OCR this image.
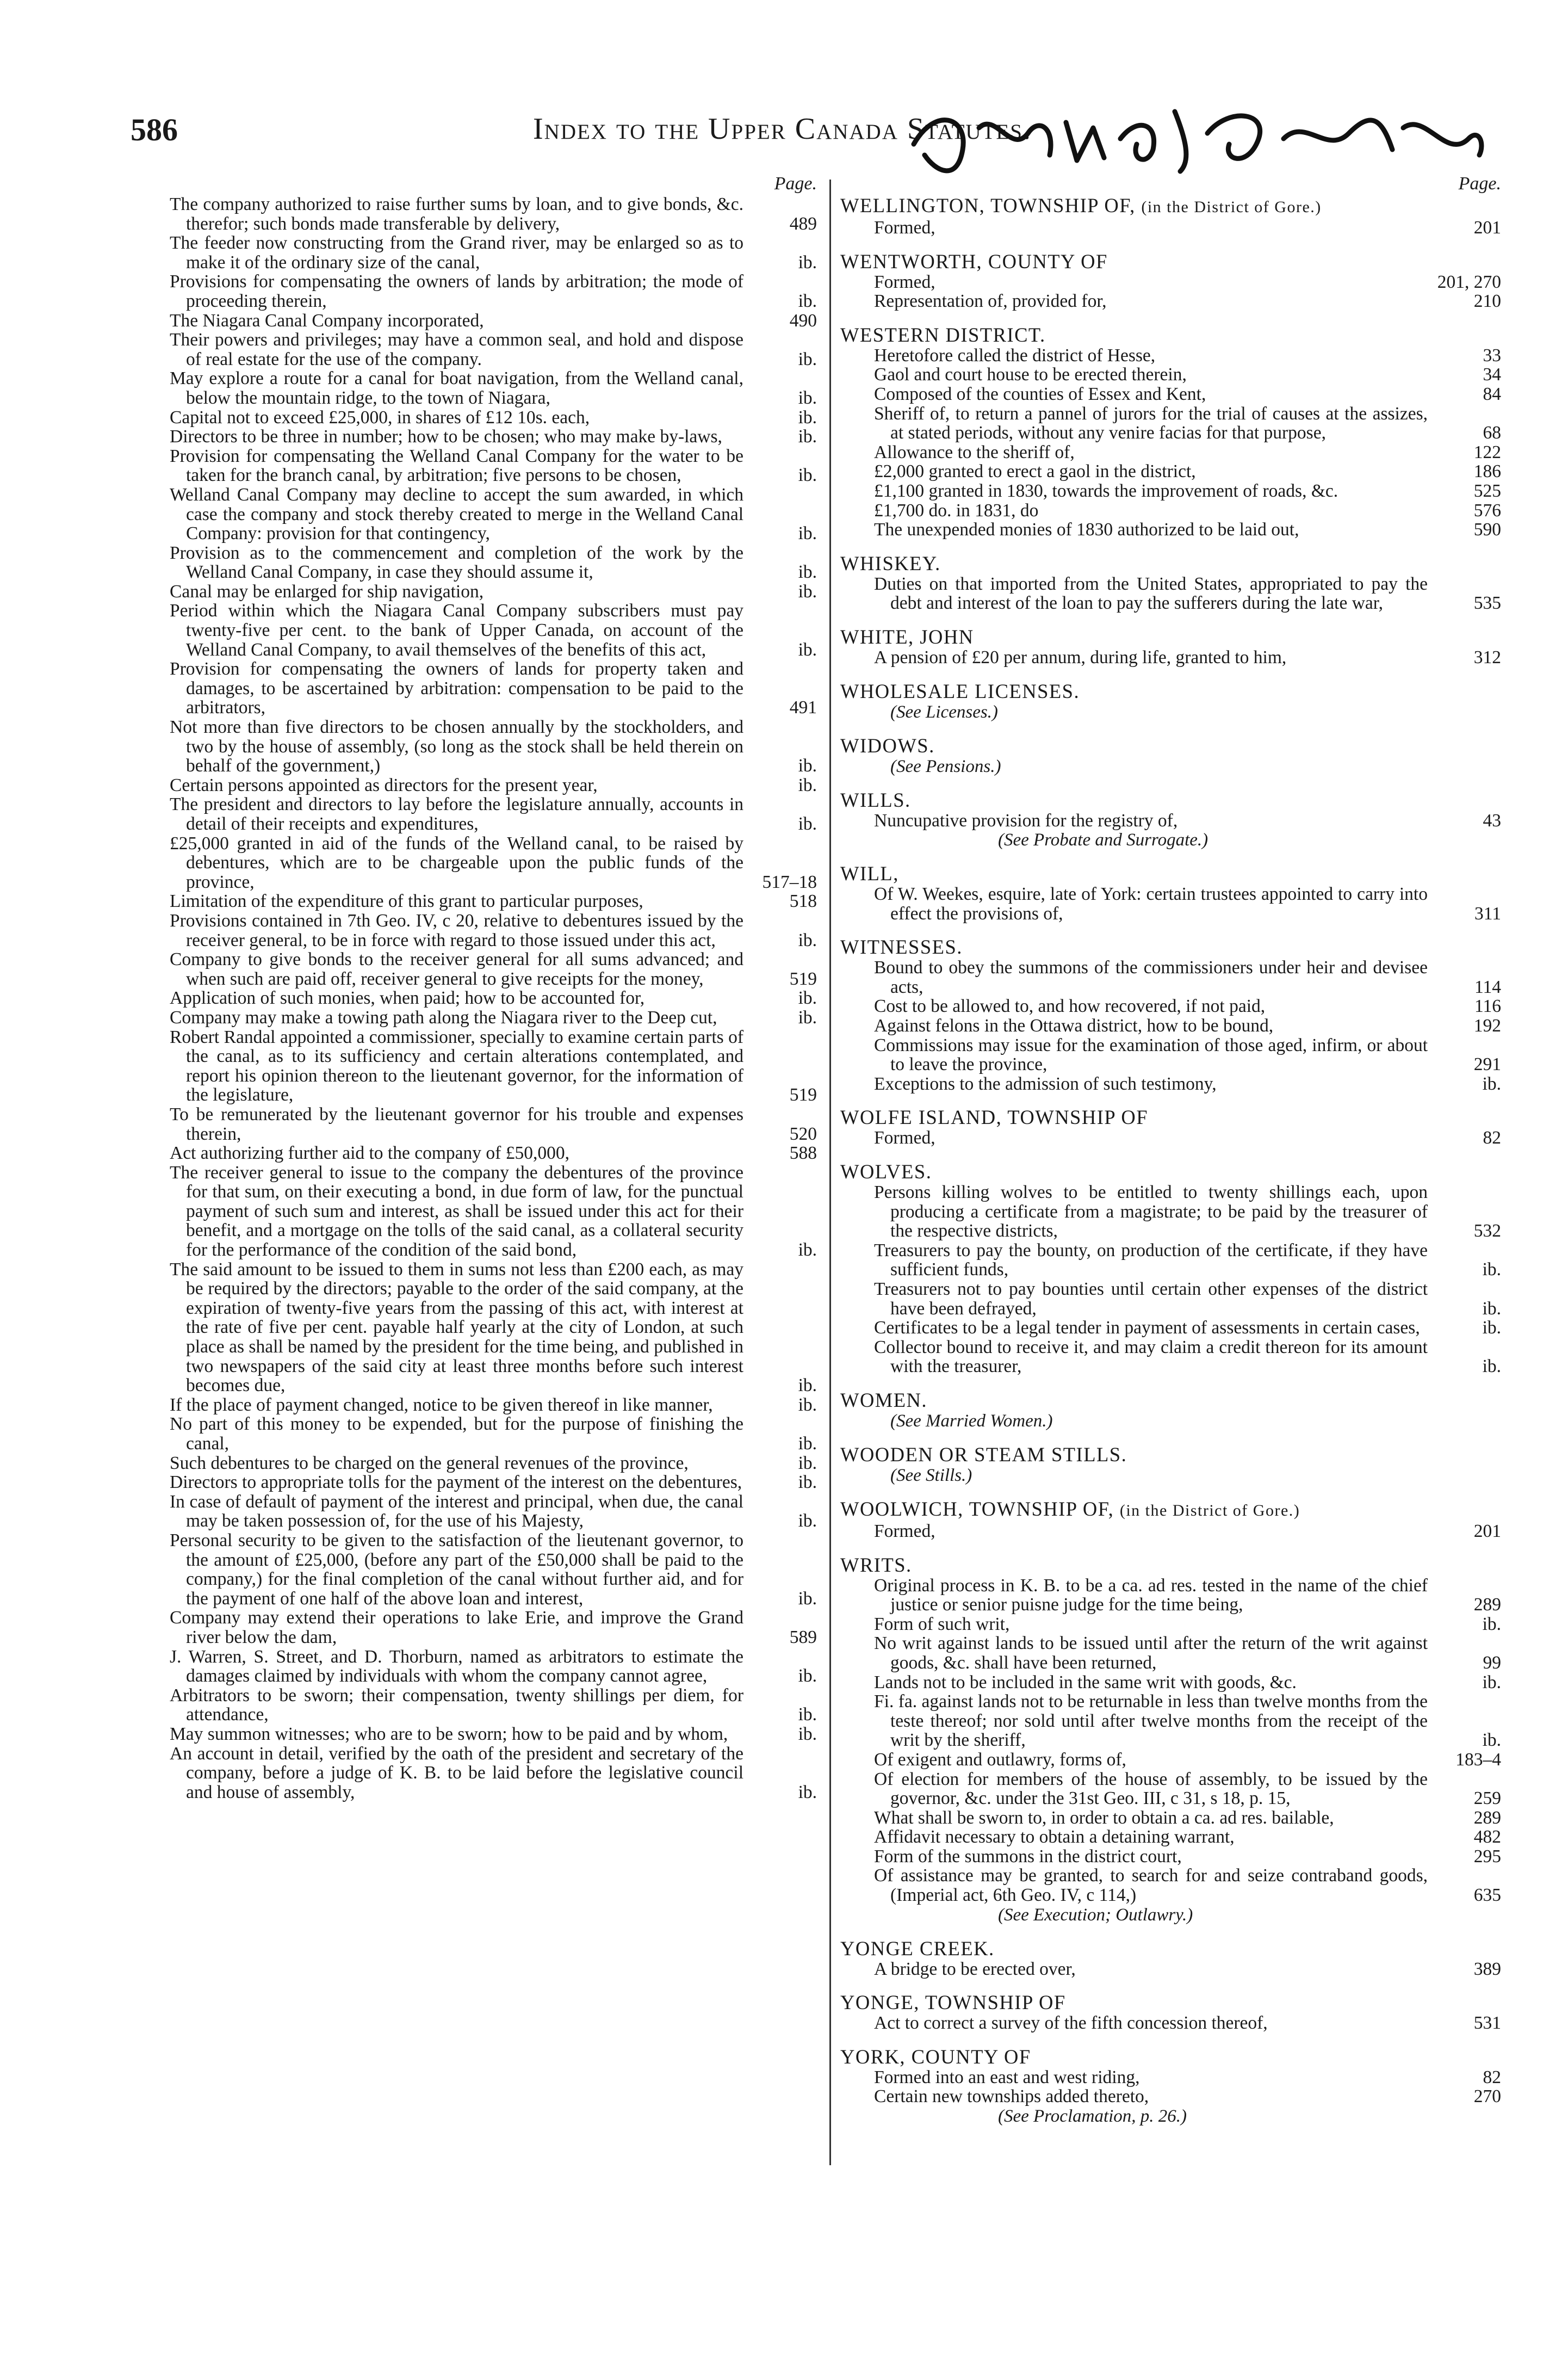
586	Index to the Upper Canada Statutes.
Page.
The company authorized to raise further sums by loan, and to give bonds, &c. therefor; such bonds made transferable by delivery,	489
The feeder now constructing from the Grand river, may be enlarged so as to make it of the ordinary size of the canal,	ib.
Provisions for compensating the owners of lands by arbitration; the mode of proceeding therein,	ib.
The Niagara Canal Company incorporated,	490
Their powers and privileges; may have a common seal, and hold and dispose of real estate for the use of the company.	ib.
May explore a route for a canal for boat navigation, from the Welland canal, below the mountain ridge, to the town of Niagara,	ib.
Capital not to exceed £25,000, in shares of £12 10s. each,	ib.
Directors to be three in number; how to be chosen; who may make by-laws,	ib.
Provision for compensating the Welland Canal Company for the water to be taken for the branch canal, by arbitration; five persons to be chosen,	ib.
Welland Canal Company may decline to accept the sum awarded, in which case the company and stock thereby created to merge in the Welland Canal Company: provision for that contingency,	ib.
Provision as to the commencement and completion of the work by the Welland Canal Company, in case they should assume it,	ib.
Canal may be enlarged for ship navigation,	ib.
Period within which the Niagara Canal Company subscribers must pay twenty-five per cent. to the bank of Upper Canada, on account of the Welland Canal Company, to avail themselves of the benefits of this act,	ib.
Provision for compensating the owners of lands for property taken and damages, to be ascertained by arbitration: compensation to be paid to the arbitrators,	491
Not more than five directors to be chosen annually by the stockholders, and two by the house of assembly, (so long as the stock shall be held therein on behalf of the government,)	ib.
Certain persons appointed as directors for the present year,	ib.
The president and directors to lay before the legislature annually, accounts in detail of their receipts and expenditures,	ib.
£25,000 granted in aid of the funds of the Welland canal, to be raised by debentures, which are to be chargeable upon the public funds of the province,	517–18
Limitation of the expenditure of this grant to particular purposes,	518
Provisions contained in 7th Geo. IV, c 20, relative to debentures issued by the receiver general, to be in force with regard to those issued under this act,	ib.
Company to give bonds to the receiver general for all sums advanced; and when such are paid off, receiver general to give receipts for the money,	519
Application of such monies, when paid; how to be accounted for,	ib.
Company may make a towing path along the Niagara river to the Deep cut,	ib.
Robert Randal appointed a commissioner, specially to examine certain parts of the canal, as to its sufficiency and certain alterations contemplated, and report his opinion thereon to the lieutenant governor, for the information of the legislature,	519
To be remunerated by the lieutenant governor for his trouble and expenses therein,	520
Act authorizing further aid to the company of £50,000,	588
The receiver general to issue to the company the debentures of the province for that sum, on their executing a bond, in due form of law, for the punctual payment of such sum and interest, as shall be issued under this act for their benefit, and a mortgage on the tolls of the said canal, as a collateral security for the performance of the condition of the said bond,	ib.
The said amount to be issued to them in sums not less than £200 each, as may be required by the directors; payable to the order of the said company, at the expiration of twenty-five years from the passing of this act, with interest at the rate of five per cent. payable half yearly at the city of London, at such place as shall be named by the president for the time being, and published in two newspapers of the said city at least three months before such interest becomes due,	ib.
If the place of payment changed, notice to be given thereof in like manner,	ib.
No part of this money to be expended, but for the purpose of finishing the canal,	ib.
Such debentures to be charged on the general revenues of the province,	ib.
Directors to appropriate tolls for the payment of the interest on the debentures,	ib.
In case of default of payment of the interest and principal, when due, the canal may be taken possession of, for the use of his Majesty,	ib.
Personal security to be given to the satisfaction of the lieutenant governor, to the amount of £25,000, (before any part of the £50,000 shall be paid to the company,) for the final completion of the canal without further aid, and for the payment of one half of the above loan and interest,	ib.
Company may extend their operations to lake Erie, and improve the Grand river below the dam,	589
J. Warren, S. Street, and D. Thorburn, named as arbitrators to estimate the damages claimed by individuals with whom the company cannot agree,	ib.
Arbitrators to be sworn; their compensation, twenty shillings per diem, for attendance,	ib.
May summon witnesses; who are to be sworn; how to be paid and by whom,	ib.
An account in detail, verified by the oath of the president and secretary of the company, before a judge of K. B. to be laid before the legislative council and house of assembly,	ib.
Page.
WELLINGTON, TOWNSHIP OF, (in the District of Gore.)
Formed,	201
WENTWORTH, COUNTY OF
Formed,	201, 270
Representation of, provided for,	210
WESTERN DISTRICT.
Heretofore called the district of Hesse,	33
Gaol and court house to be erected therein,	34
Composed of the counties of Essex and Kent,	84
Sheriff of, to return a pannel of jurors for the trial of causes at the assizes, at stated periods, without any venire facias for that purpose,	68
Allowance to the sheriff of,	122
£2,000 granted to erect a gaol in the district,	186
£1,100 granted in 1830, towards the improvement of roads, &c.	525
£1,700 do. in 1831, do	576
The unexpended monies of 1830 authorized to be laid out,	590
WHISKEY.
Duties on that imported from the United States, appropriated to pay the debt and interest of the loan to pay the sufferers during the late war,	535
WHITE, JOHN
A pension of £20 per annum, during life, granted to him,	312
WHOLESALE LICENSES.
(See Licenses.)
WIDOWS.
(See Pensions.)
WILLS.
Nuncupative provision for the registry of,	43
(See Probate and Surrogate.)
WILL,
Of W. Weekes, esquire, late of York: certain trustees appointed to carry into effect the provisions of,	311
WITNESSES.
Bound to obey the summons of the commissioners under heir and devisee acts,	114
Cost to be allowed to, and how recovered, if not paid,	116
Against felons in the Ottawa district, how to be bound,	192
Commissions may issue for the examination of those aged, infirm, or about to leave the province,	291
Exceptions to the admission of such testimony,	ib.
WOLFE ISLAND, TOWNSHIP OF
Formed,	82
WOLVES.
Persons killing wolves to be entitled to twenty shillings each, upon producing a certificate from a magistrate; to be paid by the treasurer of the respective districts,	532
Treasurers to pay the bounty, on production of the certificate, if they have sufficient funds,	ib.
Treasurers not to pay bounties until certain other expenses of the district have been defrayed,	ib.
Certificates to be a legal tender in payment of assessments in certain cases,	ib.
Collector bound to receive it, and may claim a credit thereon for its amount with the treasurer,	ib.
WOMEN.
(See Married Women.)
WOODEN OR STEAM STILLS.
(See Stills.)
WOOLWICH, TOWNSHIP OF, (in the District of Gore.)
Formed,	201
WRITS.
Original process in K. B. to be a ca. ad res. tested in the name of the chief justice or senior puisne judge for the time being,	289
Form of such writ,	ib.
No writ against lands to be issued until after the return of the writ against goods, &c. shall have been returned,	99
Lands not to be included in the same writ with goods, &c.	ib.
Fi. fa. against lands not to be returnable in less than twelve months from the teste thereof; nor sold until after twelve months from the receipt of the writ by the sheriff,	ib.
Of exigent and outlawry, forms of,	183–4
Of election for members of the house of assembly, to be issued by the governor, &c. under the 31st Geo. III, c 31, s 18, p. 15,	259
What shall be sworn to, in order to obtain a ca. ad res. bailable,	289
Affidavit necessary to obtain a detaining warrant,	482
Form of the summons in the district court,	295
Of assistance may be granted, to search for and seize contraband goods, (Imperial act, 6th Geo. IV, c 114,)	635
(See Execution; Outlawry.)
YONGE CREEK.
A bridge to be erected over,	389
YONGE, TOWNSHIP OF
Act to correct a survey of the fifth concession thereof,	531
YORK, COUNTY OF
Formed into an east and west riding,	82
Certain new townships added thereto,	270
(See Proclamation, p. 26.)
